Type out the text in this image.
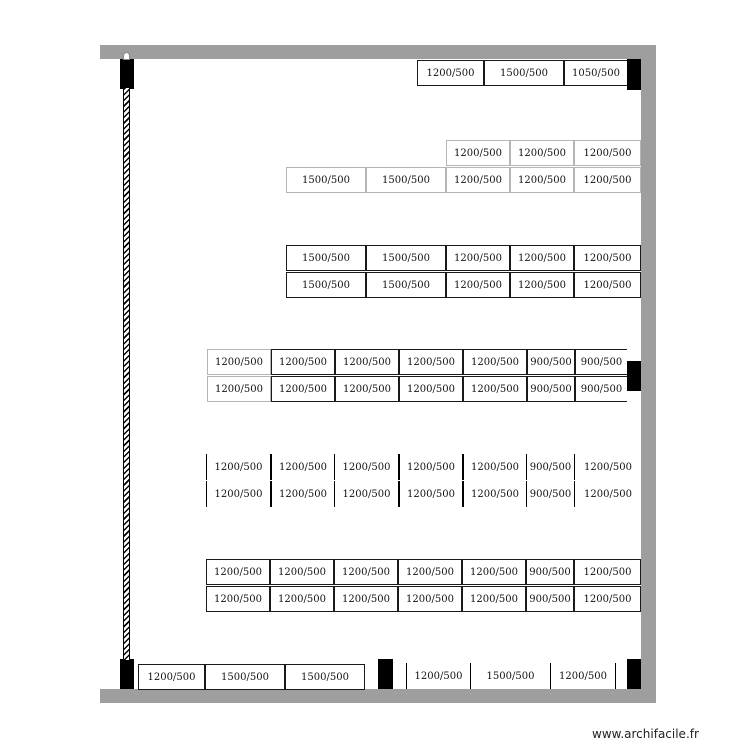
1200/500	1500/500	1050/500
1200/500	1200/500	1200/500
1500/500	1500/500	1200/500	1200/500	1200/500
1500/500	1500/500	1200/500	1200/500	1200/500
1500/500	1500/500	1200/500	1200/500	1200/500
1200/500	1200/500	1200/500	1200/500	1200/500	900/500 900/500
1200/500	1200/500	1200/500	1200/500	1200/500	900/500 900/500
1200/500	1200/500	1200/500	1200/500	1200/500	900/500	1200/500
1200/500	1200/500	1200/500	1200/500	1200/500	900/500	1200/500
1200/500	1200/500	1200/500	1200/500	1200/500	900/500	1200/500
1200/500	1200/500	1200/500	1200/500	1200/500	900/500	1200/500
1200/500	1500/500	1500/500	1200/500	1500/500	1200/500
www.archifacile.fr
